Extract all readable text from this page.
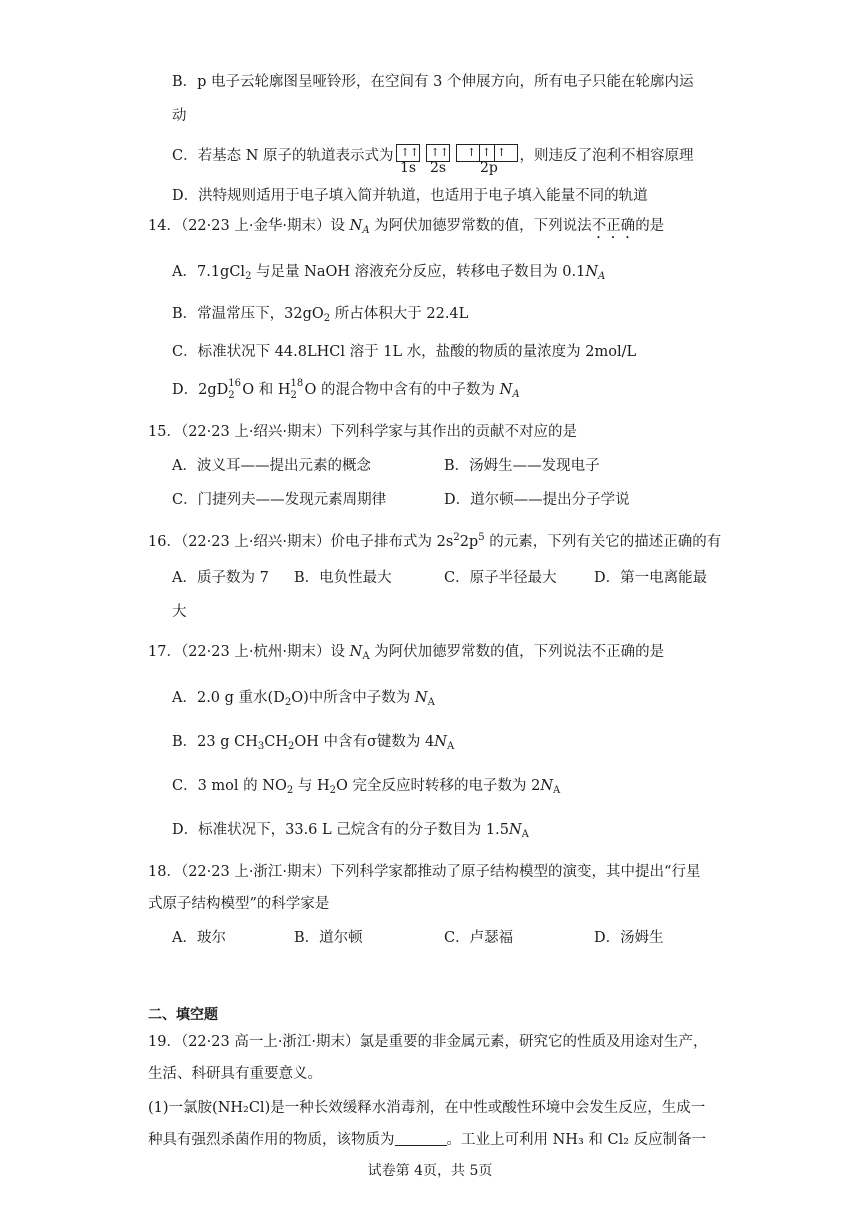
B．p 电子云轮廓图呈哑铃形，在空间有 3 个伸展方向，所有电子只能在轮廓内运
动
C．若基态 N 原子的轨道表示式为 ↑↑	↑↑	↑ ↑ ↑ ，则违反了泡利不相容原理
1s 2s 2p
D．洪特规则适用于电子填入简并轨道，也适用于电子填入能量不同的轨道
14．（22·23 上·金华·期末）设 $N_A$ 为阿伏加德罗常数的值，下列说法不正确的是
A．7.1gCl$_2$ 与足量 NaOH 溶液充分反应，转移电子数目为 $0.1N_A$
B．常温常压下，$32gO_2$ 所占体积大于 22.4L
C．标准状况下 44.8LHCl 溶于 1L 水，盐酸的物质的量浓度为 2mol/L
D．2gD 2
16 O 和 H 2
18 O 的混合物中含有的中子数为 $N_A$
15．（22·23 上·绍兴·期末）下列科学家与其作出的贡献不对应的是
A．波义耳——提出元素的概念	B．汤姆生——发现电子
C．门捷列夫——发现元素周期律	D．道尔顿——提出分子学说
16．（22·23 上·绍兴·期末）价电子排布式为 $2s^22p^5$ 的元素，下列有关它的描述正确的有
A．质子数为 7 B．电负性最大	C．原子半径最大	D．第一电离能最
大
17．（22·23 上·杭州·期末）设 $N_A$ 为阿伏加德罗常数的值，下列说法不正确的是
A．2.0 g 重水$(D_2O)$中所含中子数为 $N_A$
B．23 g $CH_3CH_2OH$ 中含有σ键数为 $4N_A$
C．3 mol 的 $NO_2$ 与 $H_2O$ 完全反应时转移的电子数为 $2N_A$
D．标准状况下，33.6 L 己烷含有的分子数目为 $1.5N_A$
18．（22·23 上·浙江·期末）下列科学家都推动了原子结构模型的演变，其中提出“行星
式原子结构模型”的科学家是
A．玻尔	B．道尔顿	C．卢瑟福	D．汤姆生
二、填空题
19．（22·23 高一上·浙江·期末）氯是重要的非金属元素，研究它的性质及用途对生产，
生活、科研具有重要意义。
(1)一氯胺(NH₂Cl)是一种长效缓释水消毒剂，在中性或酸性环境中会发生反应，生成一
种具有强烈杀菌作用的物质，该物质为	。工业上可利用 NH₃ 和 Cl₂ 反应制备一
试卷第 4页，共 5页
